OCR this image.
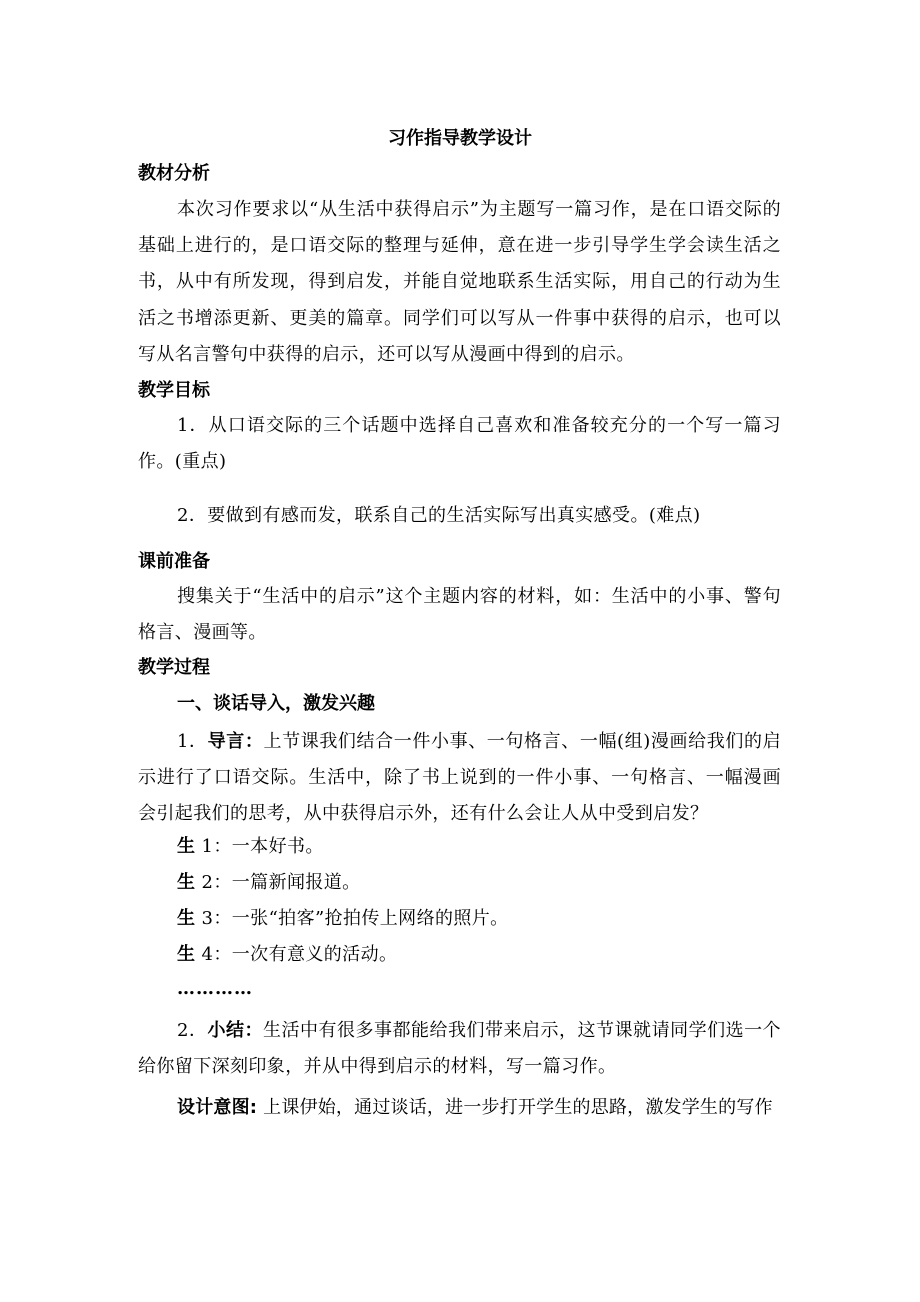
习作指导教学设计
教材分析

本次习作要求以“从生活中获得启示”为主题写一篇习作，是在口语交际的基础上进行的，是口语交际的整理与延伸，意在进一步引导学生学会读生活之书，从中有所发现，得到启发，并能自觉地联系生活实际，用自己的行动为生活之书增添更新、更美的篇章。同学们可以写从一件事中获得的启示，也可以写从名言警句中获得的启示，还可以写从漫画中得到的启示。

教学目标

1．从口语交际的三个话题中选择自己喜欢和准备较充分的一个写一篇习作。(重点)

2．要做到有感而发，联系自己的生活实际写出真实感受。(难点)

课前准备

搜集关于“生活中的启示”这个主题内容的材料，如：生活中的小事、警句格言、漫画等。

教学过程
一、谈话导入，激发兴趣

1．导言：上节课我们结合一件小事、一句格言、一幅(组)漫画给我们的启示进行了口语交际。生活中，除了书上说到的一件小事、一句格言、一幅漫画会引起我们的思考，从中获得启示外，还有什么会让人从中受到启发？

生 1：一本好书。

生 2：一篇新闻报道。

生 3：一张“拍客”抢拍传上网络的照片。

生 4：一次有意义的活动。

…………

2．小结：生活中有很多事都能给我们带来启示，这节课就请同学们选一个给你留下深刻印象，并从中得到启示的材料，写一篇习作。

设计意图: 上课伊始，通过谈话，进一步打开学生的思路，激发学生的写作
